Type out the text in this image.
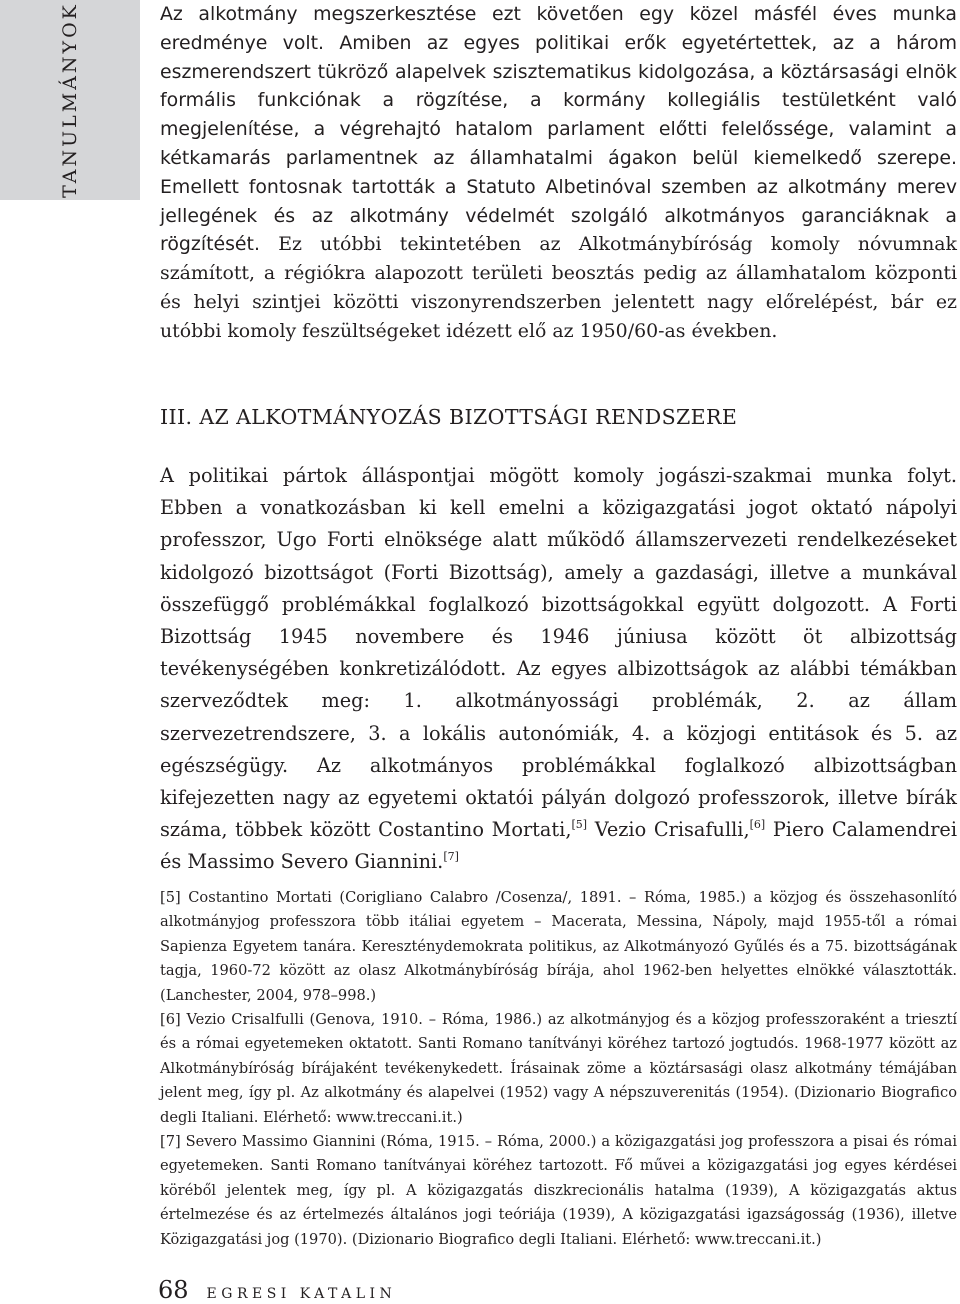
TANULMÁNYOK	Az alkotmány megszerkesztése ezt követően egy közel másfél éves munka eredménye volt. Amiben az egyes politikai erők egyetértettek, az a három eszmerendszert tükröző alapelvek szisztematikus kidolgozása, a köztársasági elnök formális funkciónak a rögzítése, a kormány kollegiális testületként való megjelenítése, a végrehajtó hatalom parlament előtti felelőssége, valamint a kétkamarás parlamentnek az államhatalmi ágakon belül kiemelkedő szerepe. Emellett fontosnak tartották a Statuto Albetinóval szemben az alkotmány merev jellegének és az alkotmány védelmét szolgáló alkotmányos garanciáknak a rögzítését. Ez utóbbi tekintetében az Alkotmánybíróság komoly nóvumnak számított, a régiókra alapozott területi beosztás pedig az államhatalom központi és helyi szintjei közötti viszonyrendszerben jelentett nagy előrelépést, bár ez utóbbi komoly feszültségeket idézett elő az 1950/60-as években.
III. AZ ALKOTMÁNYOZÁS BIZOTTSÁGI RENDSZERE
A politikai pártok álláspontjai mögött komoly jogászi-szakmai munka folyt. Ebben a vonatkozásban ki kell emelni a közigazgatási jogot oktató nápolyi professzor, Ugo Forti elnöksége alatt működő államszervezeti rendelkezéseket kidolgozó bizottságot (Forti Bizottság), amely a gazdasági, illetve a munkával összefüggő problémákkal foglalkozó bizottságokkal együtt dolgozott. A Forti Bizottság 1945 novembere és 1946 júniusa között öt albizottság tevékenységében konkretizálódott. Az egyes albizottságok az alábbi témákban szerveződtek meg: 1. alkotmányossági problémák, 2. az állam szervezetrendszere, 3. a lokális autonómiák, 4. a közjogi entitások és 5. az egészségügy. Az alkotmányos problémákkal foglalkozó albizottságban kifejezetten nagy az egyetemi oktatói pályán dolgozó professzorok, illetve bírák száma, többek között Costantino Mortati,[5] Vezio Crisafulli,[6] Piero Calamendrei és Massimo Severo Giannini.[7]

[5] Costantino Mortati (Corigliano Calabro /Cosenza/, 1891. – Róma, 1985.) a közjog és összehasonlító alkotmányjog professzora több itáliai egyetem – Macerata, Messina, Nápoly, majd 1955-től a római Sapienza Egyetem tanára. Kereszténydemokrata politikus, az Alkotmányozó Gyűlés és a 75. bizottságának tagja, 1960-72 között az olasz Alkotmánybíróság bírája, ahol 1962-ben helyettes elnökké választották. (Lanchester, 2004, 978–998.)

[6] Vezio Crisalfulli (Genova, 1910. – Róma, 1986.) az alkotmányjog és a közjog professzoraként a triesztí és a római egyetemeken oktatott. Santi Romano tanítványi köréhez tartozó jogtudós. 1968-1977 között az Alkotmánybíróság bírájaként tevékenykedett. Írásainak zöme a köztársasági olasz alkotmány témájában jelent meg, így pl. Az alkotmány és alapelvei (1952) vagy A népszuverenitás (1954). (Dizionario Biografico degli Italiani. Elérhető: www.treccani.it.)

[7] Severo Massimo Giannini (Róma, 1915. – Róma, 2000.) a közigazgatási jog professzora a pisai és római egyetemeken. Santi Romano tanítványai köréhez tartozott. Fő művei a közigazgatási jog egyes kérdései köréből jelentek meg, így pl. A közigazgatás diszkrecionális hatalma (1939), A közigazgatás aktus értelmezése és az értelmezés általános jogi teóriája (1939), A közigazgatási igazságosság (1936), illetve Közigazgatási jog (1970). (Dizionario Biografico degli Italiani. Elérhető: www.treccani.it.)

68 EGRESI KATALIN
